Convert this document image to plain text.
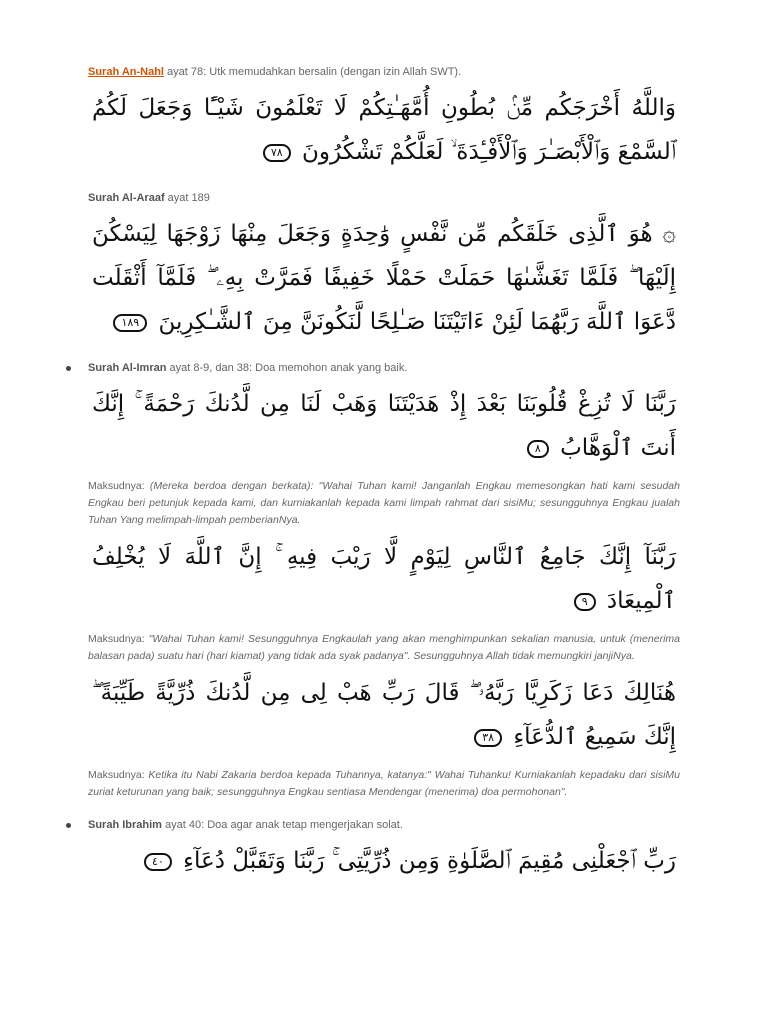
Surah An-Nahl ayat 78: Utk memudahkan bersalin (dengan izin Allah SWT).

وَاللَّهُ أَخْرَجَكُم مِّنۢ بُطُونِ أُمَّهَـٰتِكُمْ لَا تَعْلَمُونَ شَيْـًٔا وَجَعَلَ لَكُمُ ٱلسَّمْعَ وَٱلْأَبْصَـٰرَ وَٱلْأَفْـِٔدَةَ ۙ لَعَلَّكُمْ تَشْكُرُونَ ٧٨

Surah Al-Araaf ayat 189

۞ هُوَ ٱلَّذِى خَلَقَكُم مِّن نَّفْسٍ وَٰحِدَةٍ وَجَعَلَ مِنْهَا زَوْجَهَا لِيَسْكُنَ إِلَيْهَا ۖ فَلَمَّا تَغَشَّىٰهَا حَمَلَتْ حَمْلًا خَفِيفًا فَمَرَّتْ بِهِۦ ۖ فَلَمَّآ أَثْقَلَت دَّعَوَا ٱللَّهَ رَبَّهُمَا لَئِنْ ءَاتَيْتَنَا صَـٰلِحًا لَّنَكُونَنَّ مِنَ ٱلشَّـٰكِرِينَ ١٨٩

Surah Al-Imran ayat 8-9, dan 38: Doa memohon anak yang baik.

رَبَّنَا لَا تُزِغْ قُلُوبَنَا بَعْدَ إِذْ هَدَيْتَنَا وَهَبْ لَنَا مِن لَّدُنكَ رَحْمَةً ۚ إِنَّكَ أَنتَ ٱلْوَهَّابُ ٨

Maksudnya: (Mereka berdoa dengan berkata): "Wahai Tuhan kami! Janganlah Engkau memesongkan hati kami sesudah Engkau beri petunjuk kepada kami, dan kurniakanlah kepada kami limpah rahmat dari sisiMu; sesungguhnya Engkau jualah Tuhan Yang melimpah-limpah pemberianNya.

رَبَّنَآ إِنَّكَ جَامِعُ ٱلنَّاسِ لِيَوْمٍ لَّا رَيْبَ فِيهِ ۚ إِنَّ ٱللَّهَ لَا يُخْلِفُ ٱلْمِيعَادَ ٩

Maksudnya: "Wahai Tuhan kami! Sesungguhnya Engkaulah yang akan menghimpunkan sekalian manusia, untuk (menerima balasan pada) suatu hari (hari kiamat) yang tidak ada syak padanya". Sesungguhnya Allah tidak memungkiri janjiNya.

هُنَالِكَ دَعَا زَكَرِيَّا رَبَّهُۥ ۖ قَالَ رَبِّ هَبْ لِى مِن لَّدُنكَ ذُرِّيَّةً طَيِّبَةً ۖ إِنَّكَ سَمِيعُ ٱلدُّعَآءِ ٣٨

Maksudnya: Ketika itu Nabi Zakaria berdoa kepada Tuhannya, katanya:" Wahai Tuhanku! Kurniakanlah kepadaku dari sisiMu zuriat keturunan yang baik; sesungguhnya Engkau sentiasa Mendengar (menerima) doa permohonan".

Surah Ibrahim ayat 40: Doa agar anak tetap mengerjakan solat.

رَبِّ ٱجْعَلْنِى مُقِيمَ ٱلصَّلَوٰةِ وَمِن ذُرِّيَّتِى ۚ رَبَّنَا وَتَقَبَّلْ دُعَآءِ ٤٠
